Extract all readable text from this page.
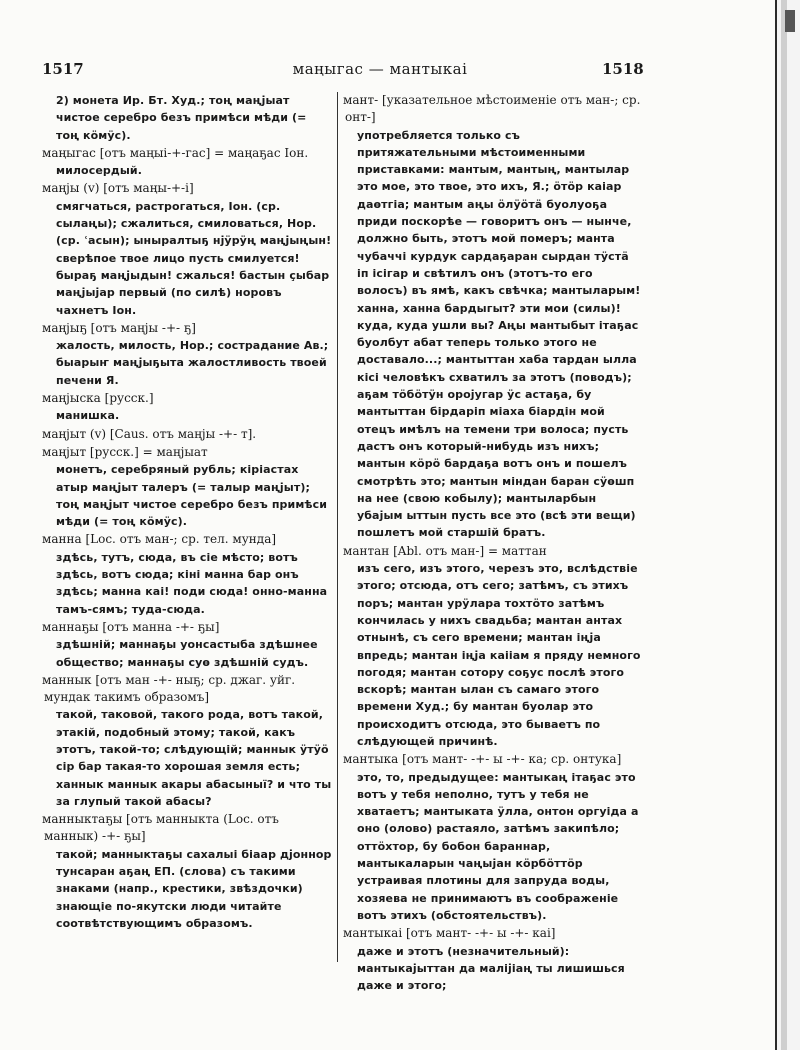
1517	маңыгас — мантыкаі	1518
2) монета Ир. Бт. Худ.; тоң маңјыат чистое серебро безъ примѣси мѣди (= тоң кӧмӱс).
маңыгас [отъ маңыі-+-гас] = маңаҕас Іон.
милосердый.
маңјы (v) [отъ маңы-+-і]
смягчаться, растрогаться, Іон. (ср. сылаңы); сжалиться, смиловаться, Нор. (ср. ʿасын); ыныралтыҕ нјӱрӱң маңјыңын! сверѣпое твое лицо пусть смилуется! быраҕ маңјыдын! сжалься! бастын ҫыбар маңјыјар первый (по силѣ) норовъ чахнетъ Іон.
маңјыҕ [отъ маңјы -+- ҕ]
жалость, милость, Нор.; сострадание Ав.; быарыҥ маңјыҕыта жалостливость твоей печени Я.
маңјыска [русск.]
манишка.
маңјыт (v) [Caus. отъ маңјы -+- т].
маңјыт [русск.] = маңјыат
монетъ, серебряный рубль; кіріастах атыр маңјыт талеръ (= талыр маңјыт); тоң маңјыт чистое серебро безъ примѣси мѣди (= тоң кӧмӱс).
манна [Loc. отъ ман-; ср. тел. мунда]
здѣсь, тутъ, сюда, въ сіе мѣсто; вотъ здѣсь, вотъ сюда; кіні манна бар онъ здѣсь; манна каі! поди сюда! онно-манна тамъ-сямъ; туда-сюда.
маннаҕы [отъ манна -+- ҕы]
здѣшній; маннаҕы уонсастыба здѣшнее общество; маннаҕы суѳ здѣшній судъ.
маннык [отъ ман -+- ныҕ; ср. джаг. уйг. мундак такимъ образомъ]
такой, таковой, такого рода, вотъ такой, этакій, подобный этому; такой, какъ этотъ, такой-то; слѣдующій; маннык ӱтӱӧ сір бар такая-то хорошая земля есть; ханнык маннык акары абасыныї? и что ты за глупый такой абасы?
манныктаҕы [отъ манныкта (Loc. отъ маннык) -+- ҕы]
такой; манныктаҕы сахалыі біаар дјоннор тунсаран аҕаң ЕП. (слова) съ такими знаками (напр., крестики, звѣздочки) знающіе по-якутски люди читайте соотвѣтствующимъ образомъ.
мант- [указательное мѣстоименіе отъ ман-; ср. онт-]
употребляется только съ притяжательными мѣстоименными приставками: мантым, мантың, мантылар это мое, это твое, это ихъ, Я.; ӧтӧр каіар даѳтгіа; мантым аңы ӧлӱӧтӓ буолуоҕа приди поскорѣе — говоритъ онъ — нынче, должно быть, этотъ мой померъ; манта чубаччі курдук сардаҕаран сырдан тӱстӓ іп ісігар и свѣтилъ онъ (этотъ-то его волосъ) въ ямѣ, какъ свѣчка; мантыларым! ханна, ханна бардыгыт? эти мои (силы)! куда, куда ушли вы? Аңы мантыбыт ітаҕас буолбут абат теперь только этого не доставало...; мантыттан хаба тардан ылла кісі человѣкъ схватилъ за этотъ (поводъ); аҕам тӧбӧтӱн оројугар ӱс астаҕа, бу мантыттан бірдаріп міаха біардін мой отецъ имѣлъ на темени три волоса; пусть дастъ онъ который-нибудь изъ нихъ; мантын кӧрӧ бардаҕа вотъ онъ и пошелъ смотрѣть это; мантын міндан баран сӱѳшп на нее (свою кобылу); мантыларбын убајым ыттын пусть все это (всѣ эти вещи) пошлетъ мой старшій братъ.
мантан [Abl. отъ ман-] = маттан
изъ сего, изъ этого, черезъ это, вслѣдствіе этого; отсюда, отъ сего; затѣмъ, съ этихъ поръ; мантан урӱлара тохтӧто затѣмъ кончилась у нихъ свадьба; мантан антах отнынѣ, съ сего времени; мантан іңја впредь; мантан іңја каііам я пряду немного погодя; мантан сотору соҕус послѣ этого вскорѣ; мантан ылан съ самаго этого времени Худ.; бу мантан буолар это происходитъ отсюда, это бываетъ по слѣдующей причинѣ.
мантыка [отъ мант- -+- ы -+- ка; ср. онтука]
это, то, предыдущее: мантыкаң ітаҕас это вотъ у тебя неполно, тутъ у тебя не хватаетъ; мантыката ӱлла, онтон оргуіда а оно (олово) растаяло, затѣмъ закипѣло; оттӧхтор, бу бобон бараннар, мантыкаларын чаңыјан кӧрбӧттӧр устраивая плотины для запруда воды, хозяева не принимаютъ въ соображеніе вотъ этихъ (обстоятельствъ).
мантыкаі [отъ мант- -+- ы -+- каі]
даже и этотъ (незначительный): мантыкајыттан да маліјіаң ты лишишься даже и этого;
